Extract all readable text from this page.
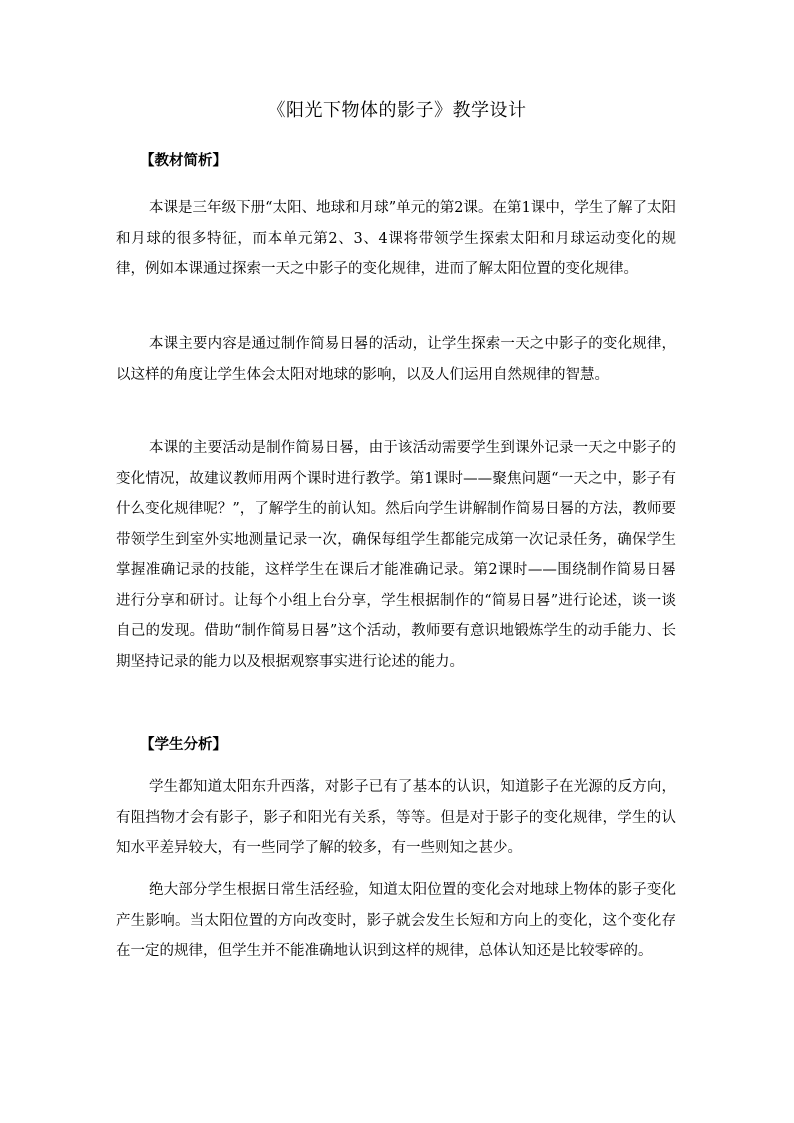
《阳光下物体的影子》教学设计
【教材简析】

本课是三年级下册“太阳、地球和月球”单元的第2课。在第1课中，学生了解了太阳和月球的很多特征，而本单元第2、3、4课将带领学生探索太阳和月球运动变化的规律，例如本课通过探索一天之中影子的变化规律，进而了解太阳位置的变化规律。

本课主要内容是通过制作简易日晷的活动，让学生探索一天之中影子的变化规律，以这样的角度让学生体会太阳对地球的影响，以及人们运用自然规律的智慧。

本课的主要活动是制作简易日晷，由于该活动需要学生到课外记录一天之中影子的变化情况，故建议教师用两个课时进行教学。第1课时——聚焦问题“一天之中，影子有什么变化规律呢？”，了解学生的前认知。然后向学生讲解制作简易日晷的方法，教师要带领学生到室外实地测量记录一次，确保每组学生都能完成第一次记录任务，确保学生掌握准确记录的技能，这样学生在课后才能准确记录。第2课时——围绕制作简易日晷进行分享和研讨。让每个小组上台分享，学生根据制作的“简易日晷”进行论述，谈一谈自己的发现。借助“制作简易日晷”这个活动，教师要有意识地锻炼学生的动手能力、长期坚持记录的能力以及根据观察事实进行论述的能力。

【学生分析】

学生都知道太阳东升西落，对影子已有了基本的认识，知道影子在光源的反方向，有阻挡物才会有影子，影子和阳光有关系，等等。但是对于影子的变化规律，学生的认知水平差异较大，有一些同学了解的较多，有一些则知之甚少。

绝大部分学生根据日常生活经验，知道太阳位置的变化会对地球上物体的影子变化产生影响。当太阳位置的方向改变时，影子就会发生长短和方向上的变化，这个变化存在一定的规律，但学生并不能准确地认识到这样的规律，总体认知还是比较零碎的。
